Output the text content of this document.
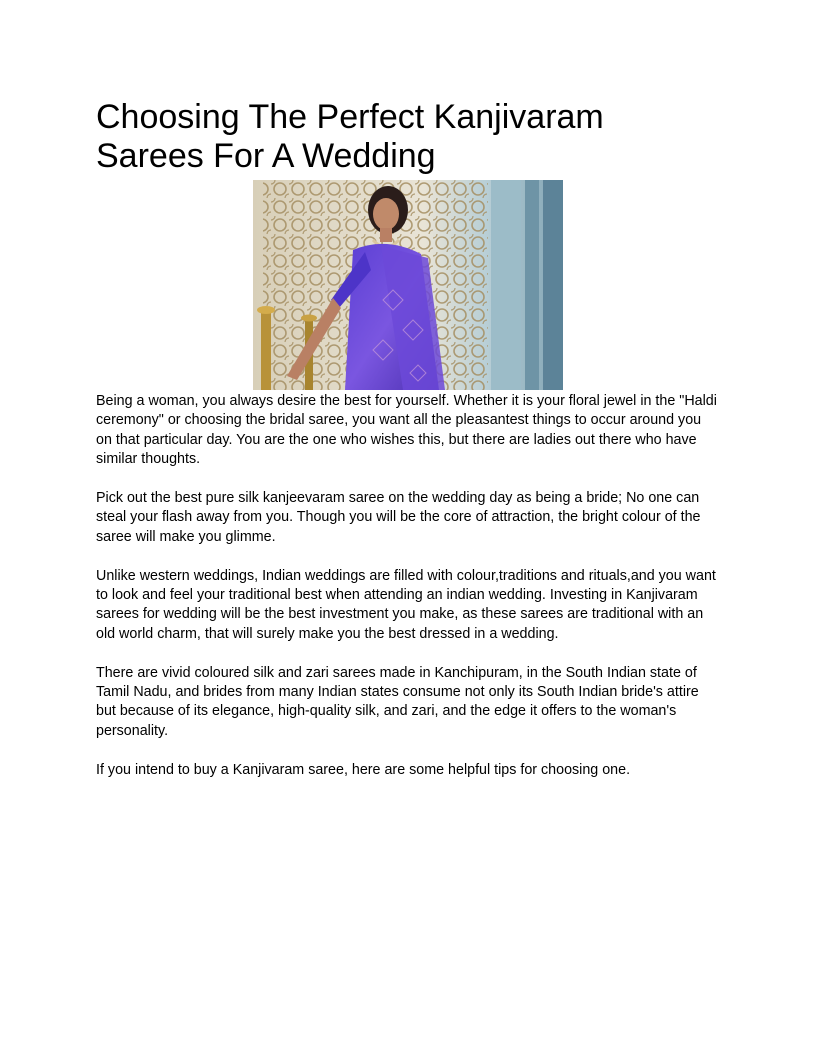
Choosing The Perfect Kanjivaram
Sarees For A Wedding

Being a woman, you always desire the best for yourself. Whether it is your floral jewel in the "Haldi ceremony" or choosing the bridal saree, you want all the pleasantest things to occur around you on that particular day. You are the one who wishes this, but there are ladies out there who have similar thoughts.

Pick out the best pure silk kanjeevaram saree on the wedding day as being a bride; No one can steal your flash away from you. Though you will be the core of attraction, the bright colour of the saree will make you glimme.

Unlike western weddings, Indian weddings are filled with colour,traditions and rituals,and you want to look and feel your traditional best when attending an indian wedding. Investing in Kanjivaram sarees for wedding will be the best investment you make, as these sarees are traditional with an old world charm, that will surely make you the best dressed in a wedding.

There are vivid coloured silk and zari sarees made in Kanchipuram, in the South Indian state of Tamil Nadu, and brides from many Indian states consume not only its South Indian bride's attire but because of its elegance, high-quality silk, and zari, and the edge it offers to the woman's personality.

If you intend to buy a Kanjivaram saree, here are some helpful tips for choosing one.
